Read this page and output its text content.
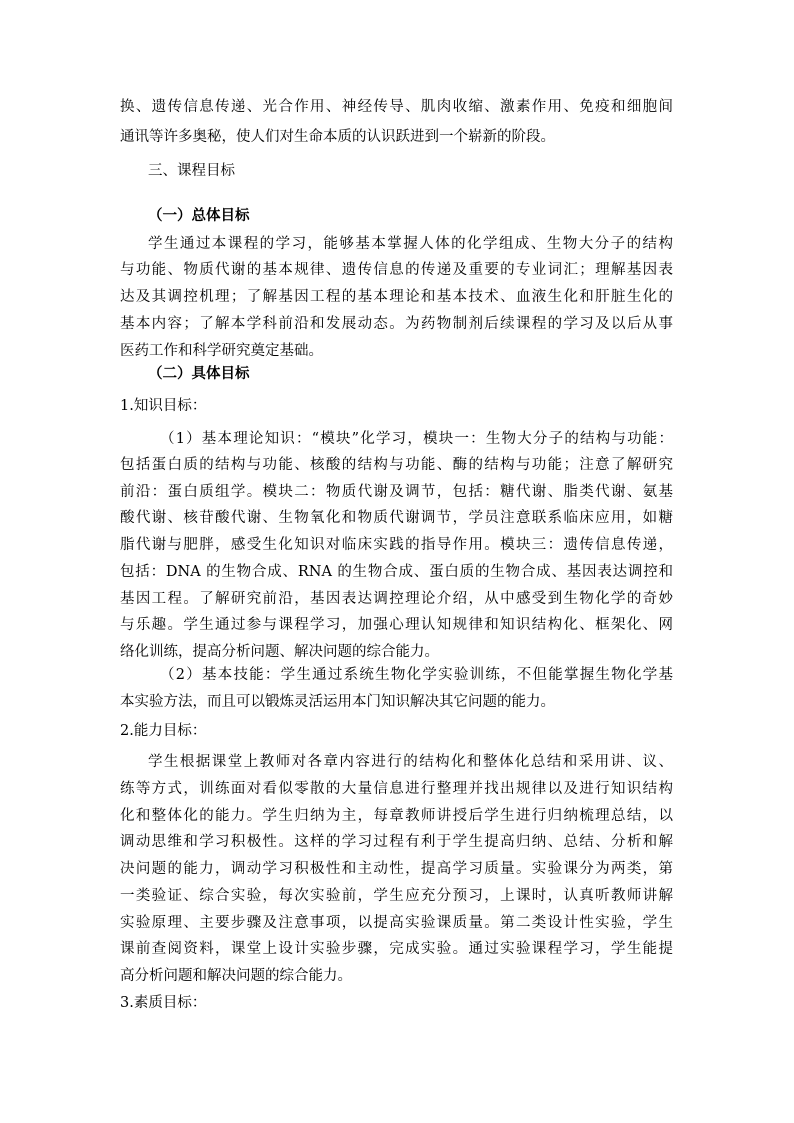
换、遗传信息传递、光合作用、神经传导、肌肉收缩、激素作用、免疫和细胞间
通讯等许多奥秘，使人们对生命本质的认识跃进到一个崭新的阶段。
三、课程目标
（一）总体目标
学生通过本课程的学习，能够基本掌握人体的化学组成、生物大分子的结构
与功能、物质代谢的基本规律、遗传信息的传递及重要的专业词汇；理解基因表
达及其调控机理；了解基因工程的基本理论和基本技术、血液生化和肝脏生化的
基本内容；了解本学科前沿和发展动态。为药物制剂后续课程的学习及以后从事
医药工作和科学研究奠定基础。
（二）具体目标
1.知识目标：
（1）基本理论知识：“模块”化学习，模块一：生物大分子的结构与功能：
包括蛋白质的结构与功能、核酸的结构与功能、酶的结构与功能；注意了解研究
前沿：蛋白质组学。模块二：物质代谢及调节，包括：糖代谢、脂类代谢、氨基
酸代谢、核苷酸代谢、生物氧化和物质代谢调节，学员注意联系临床应用，如糖
脂代谢与肥胖，感受生化知识对临床实践的指导作用。模块三：遗传信息传递，
包括：DNA 的生物合成、RNA 的生物合成、蛋白质的生物合成、基因表达调控和
基因工程。了解研究前沿，基因表达调控理论介绍，从中感受到生物化学的奇妙
与乐趣。学生通过参与课程学习，加强心理认知规律和知识结构化、框架化、网
络化训练，提高分析问题、解决问题的综合能力。
（2）基本技能：学生通过系统生物化学实验训练，不但能掌握生物化学基
本实验方法，而且可以锻炼灵活运用本门知识解决其它问题的能力。
2.能力目标：
学生根据课堂上教师对各章内容进行的结构化和整体化总结和采用讲、议、
练等方式，训练面对看似零散的大量信息进行整理并找出规律以及进行知识结构
化和整体化的能力。学生归纳为主，每章教师讲授后学生进行归纳梳理总结，以
调动思维和学习积极性。这样的学习过程有利于学生提高归纳、总结、分析和解
决问题的能力，调动学习积极性和主动性，提高学习质量。实验课分为两类，第
一类验证、综合实验，每次实验前，学生应充分预习，上课时，认真听教师讲解
实验原理、主要步骤及注意事项，以提高实验课质量。第二类设计性实验，学生
课前查阅资料，课堂上设计实验步骤，完成实验。通过实验课程学习，学生能提
高分析问题和解决问题的综合能力。
3.素质目标：
